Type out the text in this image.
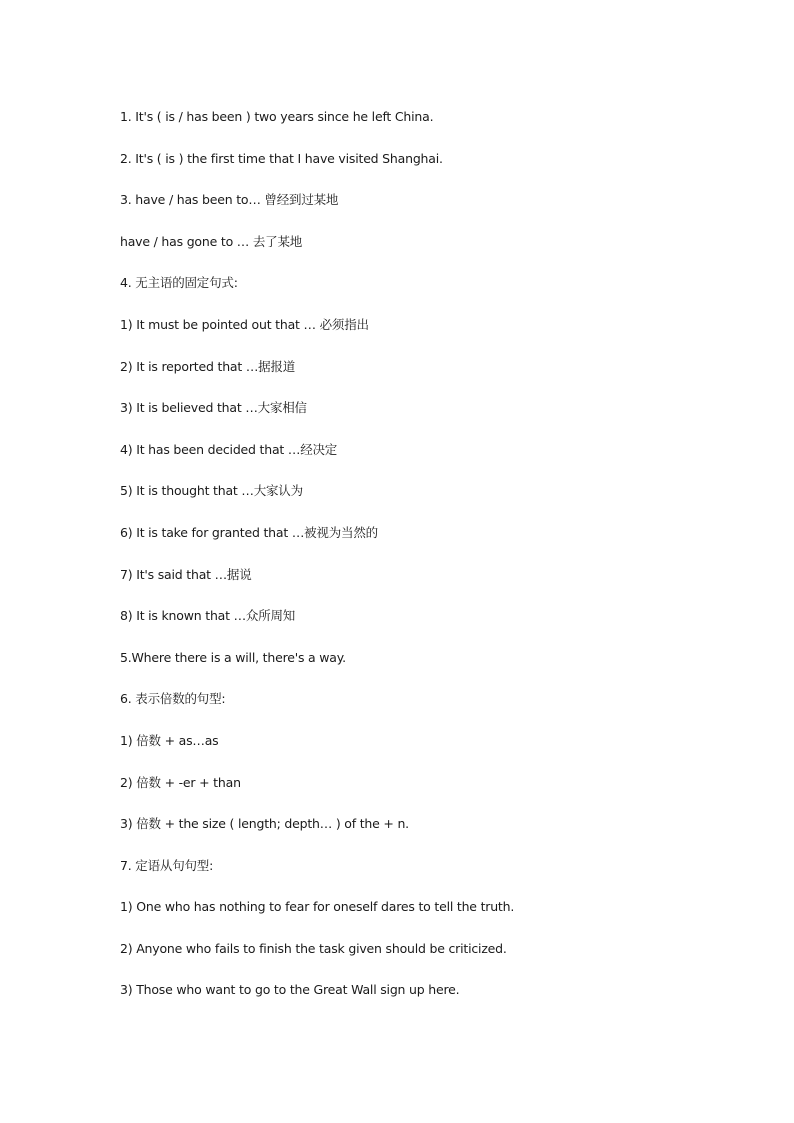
1. It's ( is / has been ) two years since he left China.
2. It's ( is ) the first time that I have visited Shanghai.
3. have / has been to… 曾经到过某地
have / has gone to … 去了某地
4. 无主语的固定句式:
1) It must be pointed out that … 必须指出
2) It is reported that …据报道
3) It is believed that …大家相信
4) It has been decided that …经决定
5) It is thought that …大家认为
6) It is take for granted that …被视为当然的
7) It's said that …据说
8) It is known that …众所周知
5.Where there is a will, there's a way.
6. 表示倍数的句型:
1) 倍数 + as…as
2) 倍数 + -er + than
3) 倍数 + the size ( length; depth… ) of the + n.
7. 定语从句句型:
1) One who has nothing to fear for oneself dares to tell the truth.
2) Anyone who fails to finish the task given should be criticized.
3) Those who want to go to the Great Wall sign up here.
